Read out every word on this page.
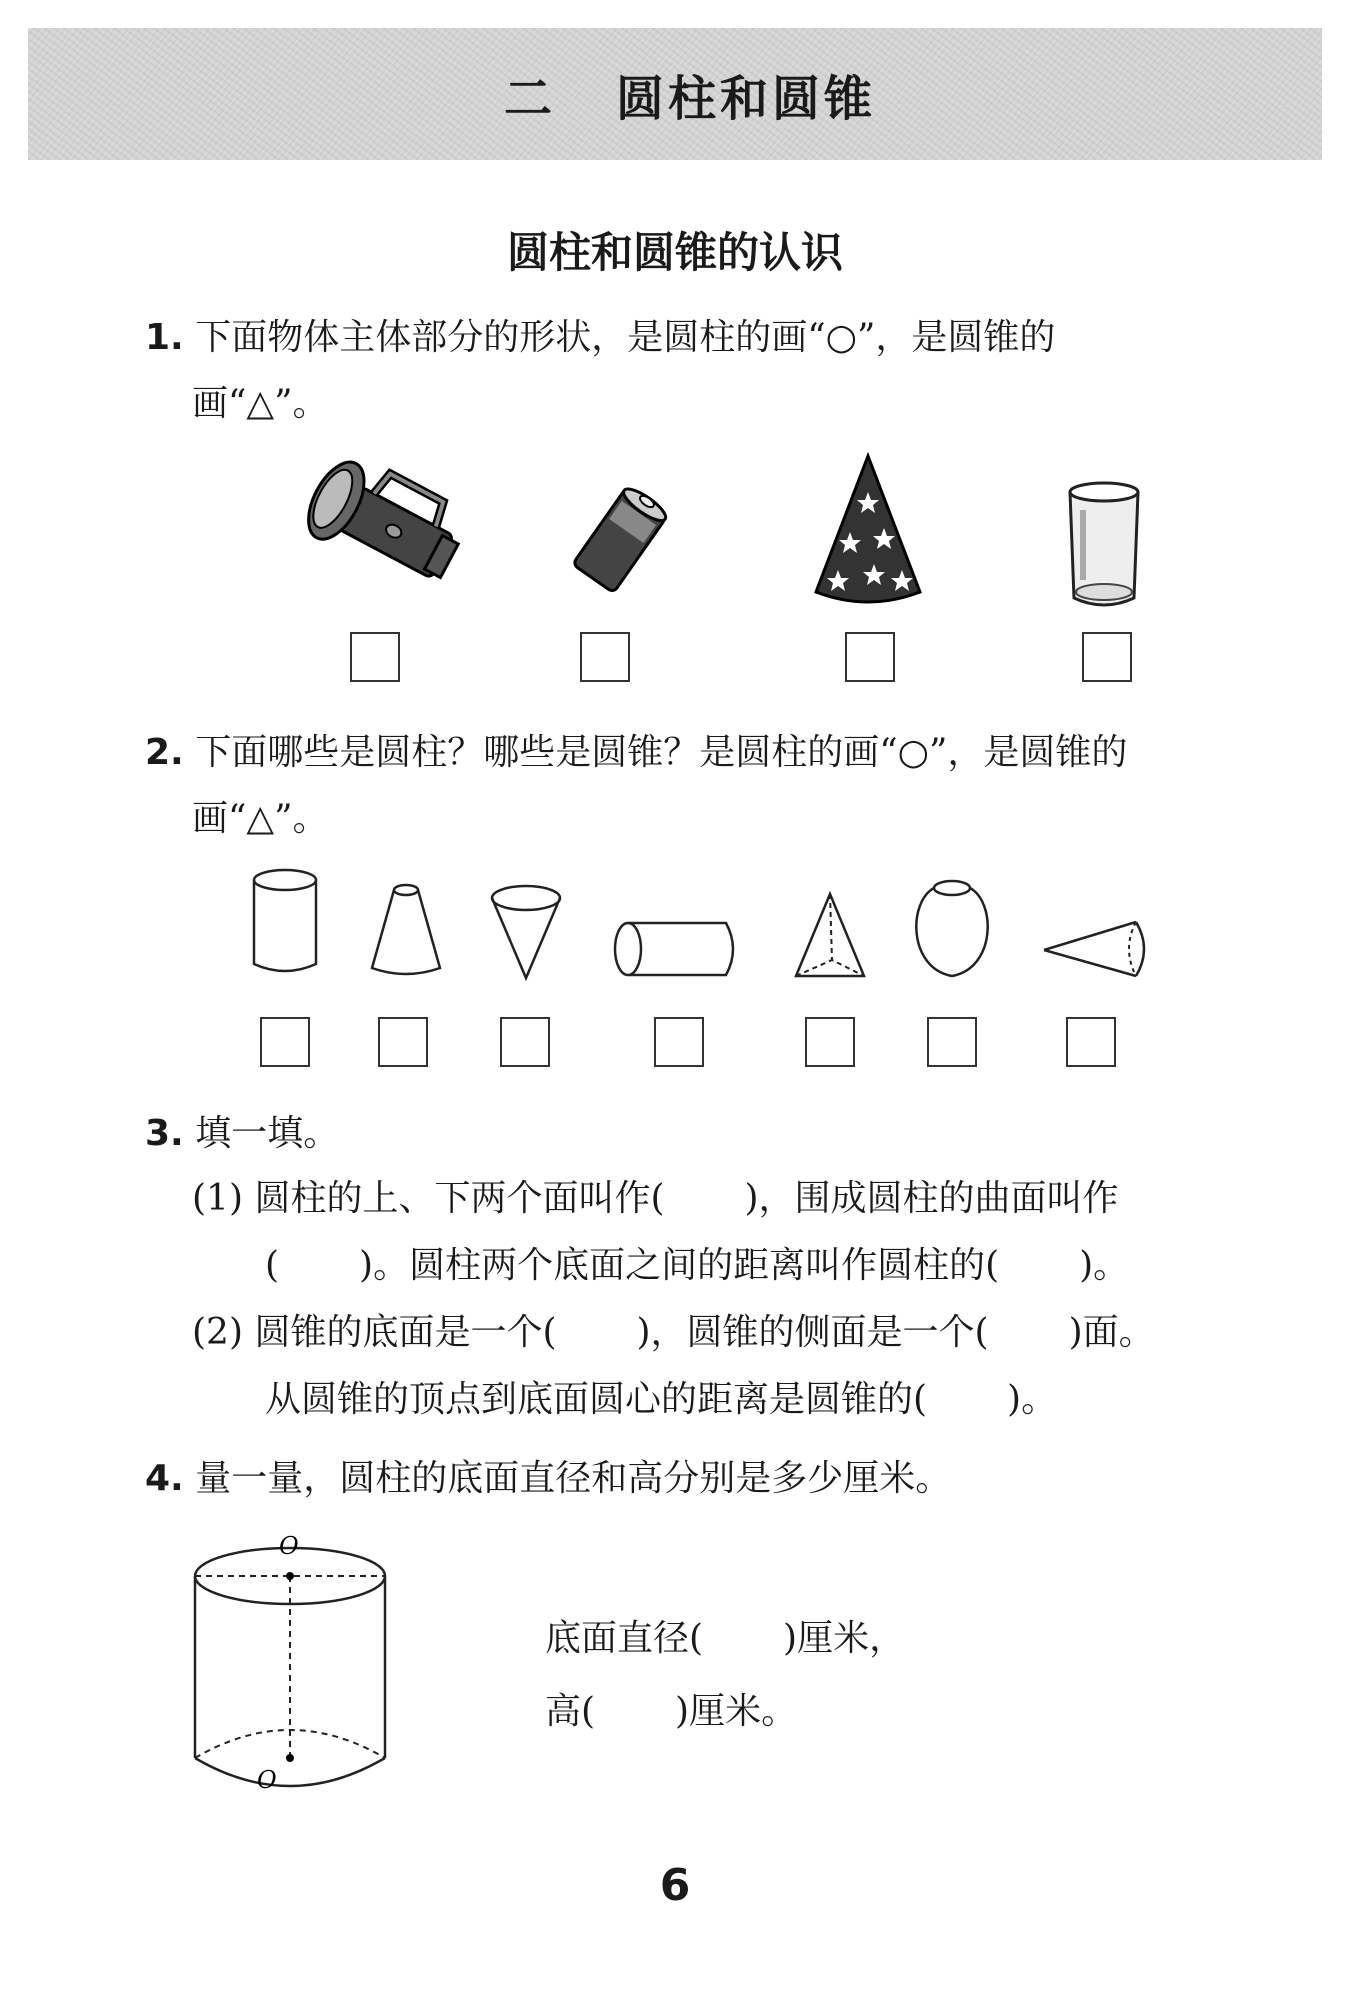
二 圆柱和圆锥
圆柱和圆锥的认识
1. 下面物体主体部分的形状，是圆柱的画“○”，是圆锥的
画“△”。
2. 下面哪些是圆柱？哪些是圆锥？是圆柱的画“○”，是圆锥的
画“△”。
3. 填一填。
(1) 圆柱的上、下两个面叫作( )，围成圆柱的曲面叫作
( )。圆柱两个底面之间的距离叫作圆柱的( )。
(2) 圆锥的底面是一个( )，圆锥的侧面是一个( )面。
从圆锥的顶点到底面圆心的距离是圆锥的( )。
4. 量一量，圆柱的底面直径和高分别是多少厘米。
O
O
底面直径( )厘米，
高( )厘米。
6
